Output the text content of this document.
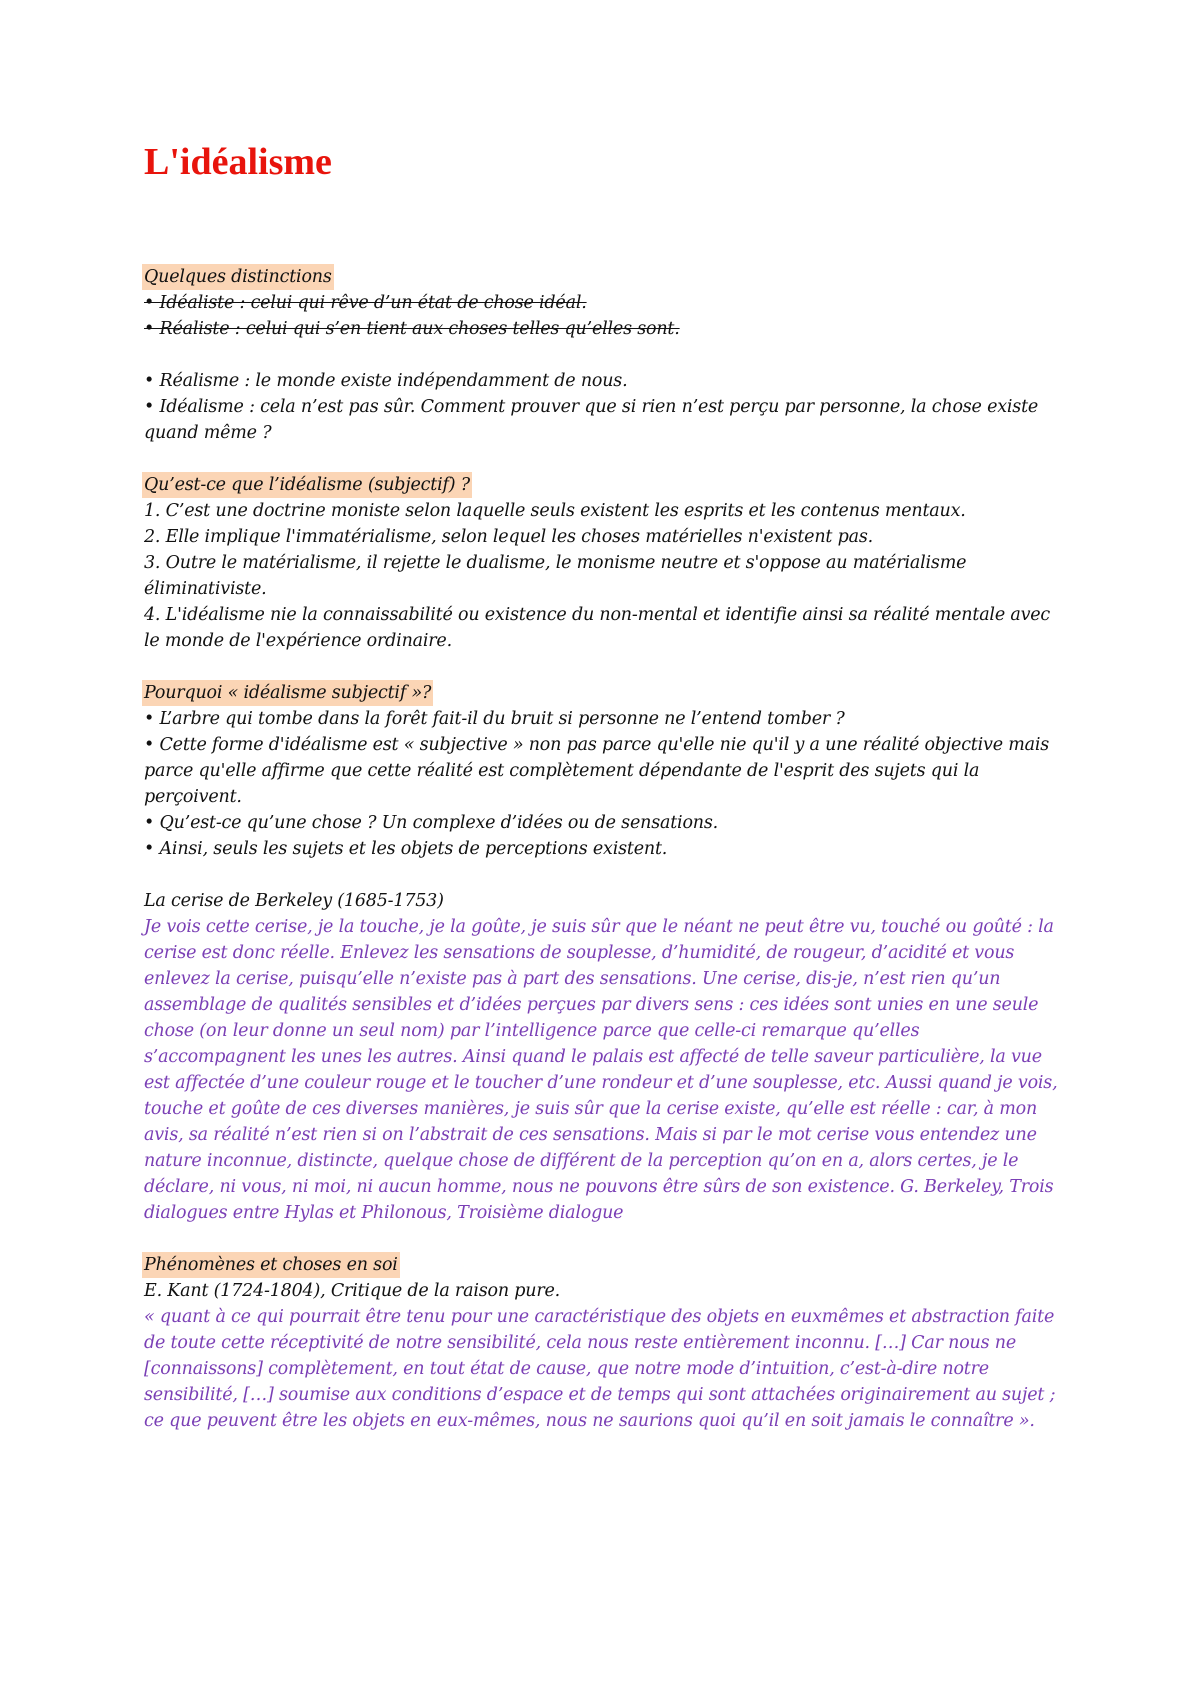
L'idéalisme
Quelques distinctions
• Idéaliste : celui qui rêve d’un état de chose idéal.
• Réaliste : celui qui s’en tient aux choses telles qu’elles sont.
• Réalisme : le monde existe indépendamment de nous.
• Idéalisme : cela n’est pas sûr. Comment prouver que si rien n’est perçu par personne, la chose existe quand même ?
Qu’est-ce que l’idéalisme (subjectif) ?
1. C’est une doctrine moniste selon laquelle seuls existent les esprits et les contenus mentaux.
2. Elle implique l'immatérialisme, selon lequel les choses matérielles n'existent pas.
3. Outre le matérialisme, il rejette le dualisme, le monisme neutre et s'oppose au matérialisme éliminativiste.
4. L'idéalisme nie la connaissabilité ou existence du non-mental et identifie ainsi sa réalité mentale avec le monde de l'expérience ordinaire.
Pourquoi « idéalisme subjectif »?
• L’arbre qui tombe dans la forêt fait-il du bruit si personne ne l’entend tomber ?
• Cette forme d'idéalisme est « subjective » non pas parce qu'elle nie qu'il y a une réalité objective mais parce qu'elle affirme que cette réalité est complètement dépendante de l'esprit des sujets qui la perçoivent.
• Qu’est-ce qu’une chose ? Un complexe d’idées ou de sensations.
• Ainsi, seuls les sujets et les objets de perceptions existent.
La cerise de Berkeley (1685-1753)
Je vois cette cerise, je la touche, je la goûte, je suis sûr que le néant ne peut être vu, touché ou goûté : la cerise est donc réelle. Enlevez les sensations de souplesse, d’humidité, de rougeur, d’acidité et vous enlevez la cerise, puisqu’elle n’existe pas à part des sensations. Une cerise, dis-je, n’est rien qu’un assemblage de qualités sensibles et d’idées perçues par divers sens : ces idées sont unies en une seule chose (on leur donne un seul nom) par l’intelligence parce que celle-ci remarque qu’elles s’accompagnent les unes les autres. Ainsi quand le palais est affecté de telle saveur particulière, la vue est affectée d’une couleur rouge et le toucher d’une rondeur et d’une souplesse, etc. Aussi quand je vois, touche et goûte de ces diverses manières, je suis sûr que la cerise existe, qu’elle est réelle : car, à mon avis, sa réalité n’est rien si on l’abstrait de ces sensations. Mais si par le mot cerise vous entendez une nature inconnue, distincte, quelque chose de différent de la perception qu’on en a, alors certes, je le déclare, ni vous, ni moi, ni aucun homme, nous ne pouvons être sûrs de son existence. G. Berkeley, Trois dialogues entre Hylas et Philonous, Troisième dialogue
Phénomènes et choses en soi
E. Kant (1724-1804), Critique de la raison pure.
« quant à ce qui pourrait être tenu pour une caractéristique des objets en euxmêmes et abstraction faite de toute cette réceptivité de notre sensibilité, cela nous reste entièrement inconnu. […] Car nous ne [connaissons] complètement, en tout état de cause, que notre mode d’intuition, c’est-à-dire notre sensibilité, […] soumise aux conditions d’espace et de temps qui sont attachées originairement au sujet ; ce que peuvent être les objets en eux-mêmes, nous ne saurions quoi qu’il en soit jamais le connaître ».
